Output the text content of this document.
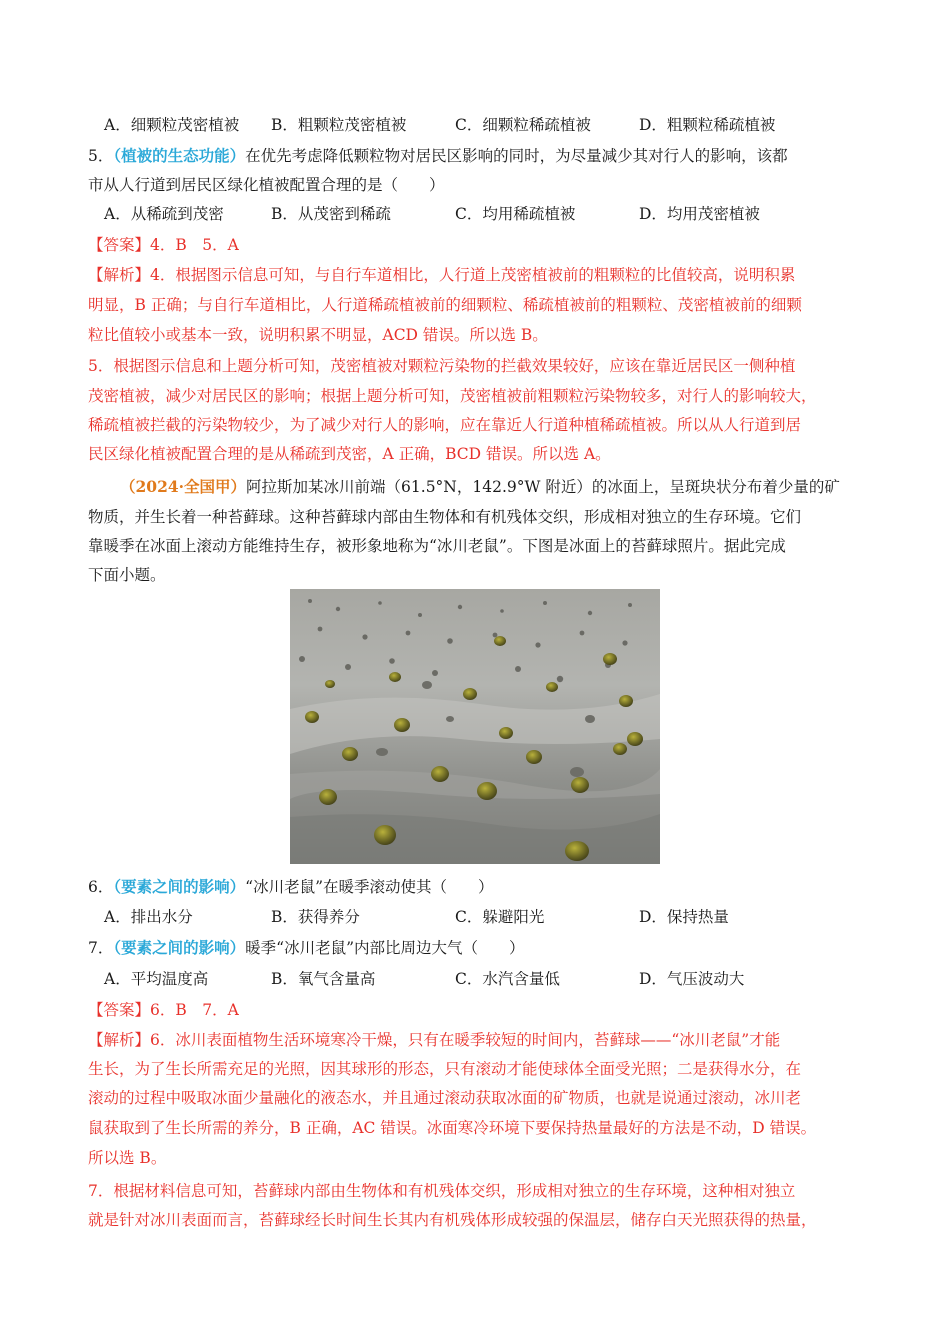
A．细颗粒茂密植被 B．粗颗粒茂密植被	C．细颗粒稀疏植被	D．粗颗粒稀疏植被
5．（植被的生态功能）在优先考虑降低颗粒物对居民区影响的同时，为尽量减少其对行人的影响，该都
市从人行道到居民区绿化植被配置合理的是（　　）
A．从稀疏到茂密	B．从茂密到稀疏	C．均用稀疏植被	D．均用茂密植被
【答案】4．B　5．A
【解析】4．根据图示信息可知，与自行车道相比，人行道上茂密植被前的粗颗粒的比值较高，说明积累
明显，B 正确；与自行车道相比，人行道稀疏植被前的细颗粒、稀疏植被前的粗颗粒、茂密植被前的细颗
粒比值较小或基本一致，说明积累不明显，ACD 错误。所以选 B。
5．根据图示信息和上题分析可知，茂密植被对颗粒污染物的拦截效果较好，应该在靠近居民区一侧种植
茂密植被，减少对居民区的影响；根据上题分析可知，茂密植被前粗颗粒污染物较多，对行人的影响较大，
稀疏植被拦截的污染物较少，为了减少对行人的影响，应在靠近人行道种植稀疏植被。所以从人行道到居
民区绿化植被配置合理的是从稀疏到茂密，A 正确，BCD 错误。所以选 A。
（2024·全国甲）阿拉斯加某冰川前端（61.5°N，142.9°W 附近）的冰面上，呈斑块状分布着少量的矿
物质，并生长着一种苔藓球。这种苔藓球内部由生物体和有机残体交织，形成相对独立的生存环境。它们
靠暖季在冰面上滚动方能维持生存，被形象地称为“冰川老鼠”。下图是冰面上的苔藓球照片。据此完成
下面小题。
6．（要素之间的影响）“冰川老鼠”在暖季滚动使其（　　）
A．排出水分	B．获得养分	C．躲避阳光	D．保持热量
7．（要素之间的影响）暖季“冰川老鼠”内部比周边大气（　　）
A．平均温度高	B．氧气含量高	C．水汽含量低	D．气压波动大
【答案】6．B　7．A
【解析】6．冰川表面植物生活环境寒冷干燥，只有在暖季较短的时间内，苔藓球——“冰川老鼠”才能
生长，为了生长所需充足的光照，因其球形的形态，只有滚动才能使球体全面受光照；二是获得水分，在
滚动的过程中吸取冰面少量融化的液态水，并且通过滚动获取冰面的矿物质，也就是说通过滚动，冰川老
鼠获取到了生长所需的养分，B 正确，AC 错误。冰面寒冷环境下要保持热量最好的方法是不动，D 错误。
所以选 B。
7．根据材料信息可知，苔藓球内部由生物体和有机残体交织，形成相对独立的生存环境，这种相对独立
就是针对冰川表面而言，苔藓球经长时间生长其内有机残体形成较强的保温层，储存白天光照获得的热量，
